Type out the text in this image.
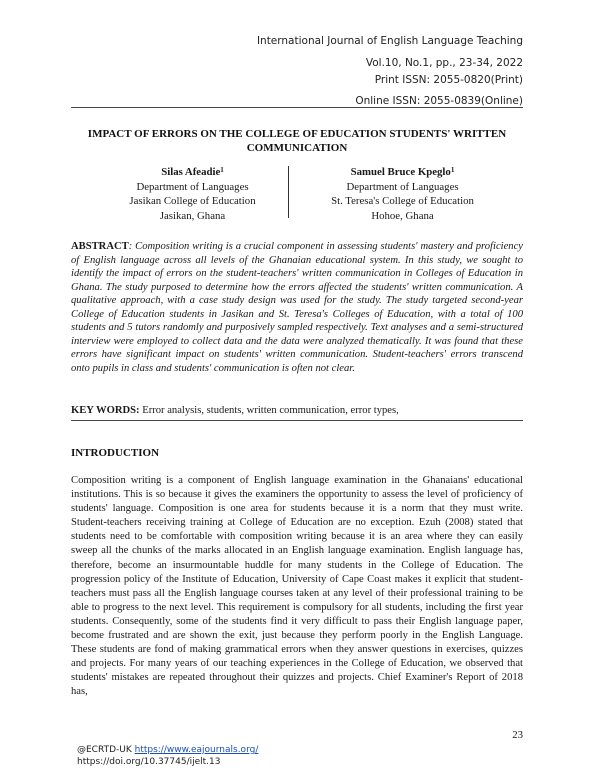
International Journal of English Language Teaching
Vol.10, No.1, pp., 23-34, 2022
Print ISSN: 2055-0820(Print)
Online ISSN: 2055-0839(Online)
IMPACT OF ERRORS ON THE COLLEGE OF EDUCATION STUDENTS' WRITTEN
COMMUNICATION
Silas Afeadie$^1$
Department of Languages
Jasikan College of Education
Jasikan, Ghana
Samuel Bruce Kpeglo$^1$
Department of Languages
St. Teresa's College of Education
Hohoe, Ghana
ABSTRACT: Composition writing is a crucial component in assessing students' mastery and proficiency of English language across all levels of the Ghanaian educational system. In this study, we sought to identify the impact of errors on the student-teachers' written communication in Colleges of Education in Ghana. The study purposed to determine how the errors affected the students' written communication. A qualitative approach, with a case study design was used for the study. The study targeted second-year College of Education students in Jasikan and St. Teresa's Colleges of Education, with a total of 100 students and 5 tutors randomly and purposively sampled respectively. Text analyses and a semi-structured interview were employed to collect data and the data were analyzed thematically. It was found that these errors have significant impact on students' written communication. Student-teachers' errors transcend onto pupils in class and students' communication is often not clear.
KEY WORDS: Error analysis, students, written communication, error types,
INTRODUCTION
Composition writing is a component of English language examination in the Ghanaians' educational institutions. This is so because it gives the examiners the opportunity to assess the level of proficiency of students' language. Composition is one area for students because it is a norm that they must write. Student-teachers receiving training at College of Education are no exception. Ezuh (2008) stated that students need to be comfortable with composition writing because it is an area where they can easily sweep all the chunks of the marks allocated in an English language examination. English language has, therefore, become an insurmountable huddle for many students in the College of Education. The progression policy of the Institute of Education, University of Cape Coast makes it explicit that student-teachers must pass all the English language courses taken at any level of their professional training to be able to progress to the next level. This requirement is compulsory for all students, including the first year students. Consequently, some of the students find it very difficult to pass their English language paper, become frustrated and are shown the exit, just because they perform poorly in the English Language. These students are fond of making grammatical errors when they answer questions in exercises, quizzes and projects. For many years of our teaching experiences in the College of Education, we observed that students' mistakes are repeated throughout their quizzes and projects. Chief Examiner's Report of 2018 has,
23
@ECRTD-UK https://www.eajournals.org/
https://doi.org/10.37745/ijelt.13
